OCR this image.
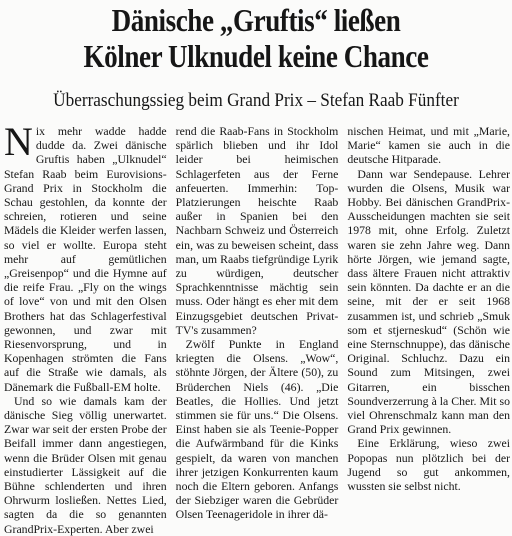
Dänische „Gruftis“ ließen
Kölner Ulknudel keine Chance
Überraschungssieg beim Grand Prix – Stefan Raab Fünfter

Nix mehr wadde hadde dudde da. Zwei dänische Gruftis haben „Ulknudel“ Stefan Raab beim Eurovisions-Grand Prix in Stockholm die Schau gestohlen, da konnte der schreien, rotieren und seine Mädels die Kleider werfen lassen, so viel er wollte. Europa steht mehr auf gemütlichen „Greisenpop“ und die Hymne auf die reife Frau. „Fly on the wings of love“ von und mit den Olsen Brothers hat das Schlagerfestival gewonnen, und zwar mit Riesenvorsprung, und in Kopenhagen strömten die Fans auf die Straße wie damals, als Dänemark die Fußball-EM holte.

Und so wie damals kam der dänische Sieg völlig unerwartet. Zwar war seit der ersten Probe der Beifall immer dann angestiegen, wenn die Brüder Olsen mit genau einstudierter Lässigkeit auf die Bühne schlenderten und ihren Ohrwurm losließen. Nettes Lied, sagten da die so genannten GrandPrix-Experten. Aber zwei

rend die Raab-Fans in Stockholm spärlich blieben und ihr Idol leider bei heimischen Schlagerfeten aus der Ferne anfeuerten. Immerhin: Top-Platzierungen heischte Raab außer in Spanien bei den Nachbarn Schweiz und Österreich ein, was zu beweisen scheint, dass man, um Raabs tiefgründige Lyrik zu würdigen, deutscher Sprachkenntnisse mächtig sein muss. Oder hängt es eher mit dem Einzugsgebiet deutschen Privat-TV's zusammen?

Zwölf Punkte in England kriegten die Olsens. „Wow“, stöhnte Jörgen, der Ältere (50), zu Brüderchen Niels (46). „Die Beatles, die Hollies. Und jetzt stimmen sie für uns.“ Die Olsens. Einst haben sie als Teenie-Popper die Aufwärmband für die Kinks gespielt, da waren von manchen ihrer jetzigen Konkurrenten kaum noch die Eltern geboren. Anfangs der Siebziger waren die Gebrüder Olsen Teenageridole in ihrer dä-

nischen Heimat, und mit „Marie, Marie“ kamen sie auch in die deutsche Hitparade.

Dann war Sendepause. Lehrer wurden die Olsens, Musik war Hobby. Bei dänischen GrandPrix-Ausscheidungen machten sie seit 1978 mit, ohne Erfolg. Zuletzt waren sie zehn Jahre weg. Dann hörte Jörgen, wie jemand sagte, dass ältere Frauen nicht attraktiv sein könnten. Da dachte er an die seine, mit der er seit 1968 zusammen ist, und schrieb „Smuk som et stjerneskud“ (Schön wie eine Sternschnuppe), das dänische Original. Schluchz. Dazu ein Sound zum Mitsingen, zwei Gitarren, ein bisschen Soundverzerrung à la Cher. Mit so viel Ohrenschmalz kann man den Grand Prix gewinnen.

Eine Erklärung, wieso zwei Popopas nun plötzlich bei der Jugend so gut ankommen, wussten sie selbst nicht.
